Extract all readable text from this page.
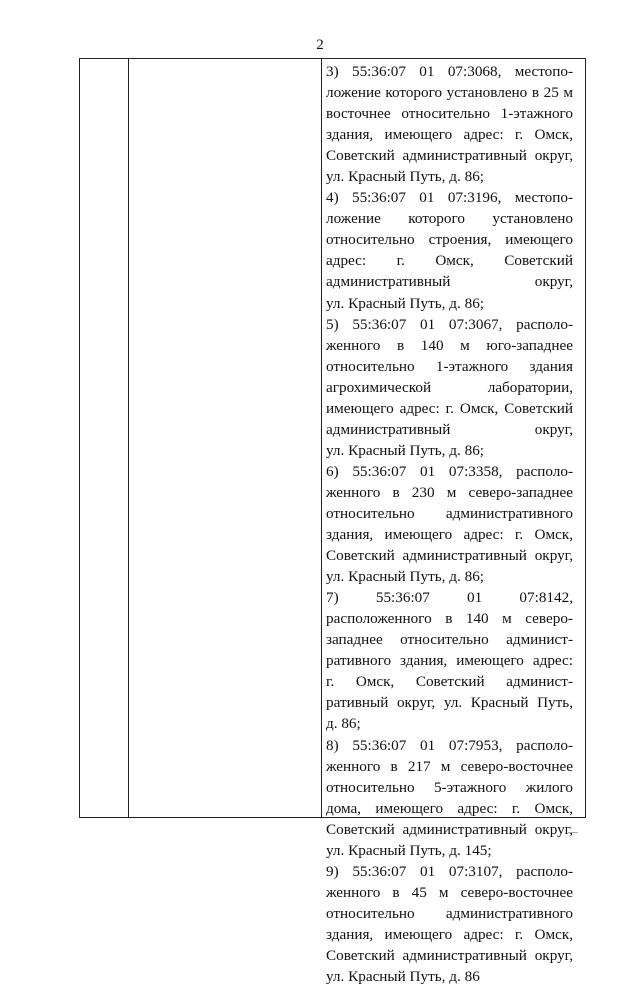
2
3) 55:36:07 01 07:3068, местопо-
ложение которого установлено в 25 м
восточнее относительно 1-этажного
здания, имеющего адрес: г. Омск,
Советский административный округ,
ул. Красный Путь, д. 86;
4) 55:36:07 01 07:3196, местопо-
ложение которого установлено
относительно строения, имеющего
адрес: г. Омск, Советский
административный округ,
ул. Красный Путь, д. 86;
5) 55:36:07 01 07:3067, располо-
женного в 140 м юго-западнее
относительно 1-этажного здания
агрохимической лаборатории,
имеющего адрес: г. Омск, Советский
административный округ,
ул. Красный Путь, д. 86;
6) 55:36:07 01 07:3358, располо-
женного в 230 м северо-западнее
относительно административного
здания, имеющего адрес: г. Омск,
Советский административный округ,
ул. Красный Путь, д. 86;
7) 55:36:07 01 07:8142,
расположенного в 140 м северо-
западнее относительно админист-
ративного здания, имеющего адрес:
г. Омск, Советский админист-
ративный округ, ул. Красный Путь,
д. 86;
8) 55:36:07 01 07:7953, располо-
женного в 217 м северо-восточнее
относительно 5-этажного жилого
дома, имеющего адрес: г. Омск,
Советский административный округ,
ул. Красный Путь, д. 145;
9) 55:36:07 01 07:3107, располо-
женного в 45 м северо-восточнее
относительно административного
здания, имеющего адрес: г. Омск,
Советский административный округ,
ул. Красный Путь, д. 86
